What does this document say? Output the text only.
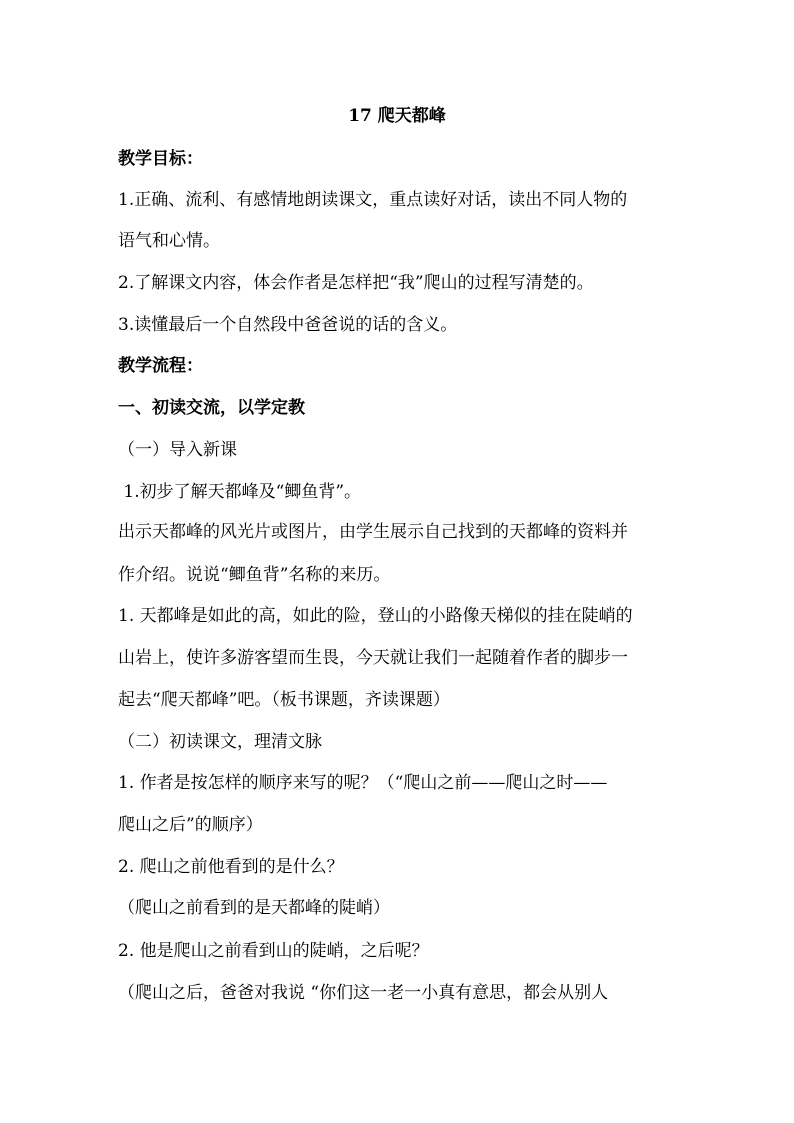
17 爬天都峰
教学目标：
1.正确、流利、有感情地朗读课文，重点读好对话，读出不同人物的
语气和心情。
2.了解课文内容，体会作者是怎样把“我”爬山的过程写清楚的。
3.读懂最后一个自然段中爸爸说的话的含义。
教学流程：
一、初读交流，以学定教
（一）导入新课
1.初步了解天都峰及“鲫鱼背”。
出示天都峰的风光片或图片，由学生展示自己找到的天都峰的资料并
作介绍。说说“鲫鱼背”名称的来历。
1. 天都峰是如此的高，如此的险，登山的小路像天梯似的挂在陡峭的
山岩上，使许多游客望而生畏，今天就让我们一起随着作者的脚步一
起去“爬天都峰”吧。（板书课题，齐读课题）
（二）初读课文，理清文脉
1. 作者是按怎样的顺序来写的呢？（“爬山之前——爬山之时——
爬山之后”的顺序）
2. 爬山之前他看到的是什么？
（爬山之前看到的是天都峰的陡峭）
2. 他是爬山之前看到山的陡峭，之后呢？
（爬山之后，爸爸对我说 “你们这一老一小真有意思，都会从别人
